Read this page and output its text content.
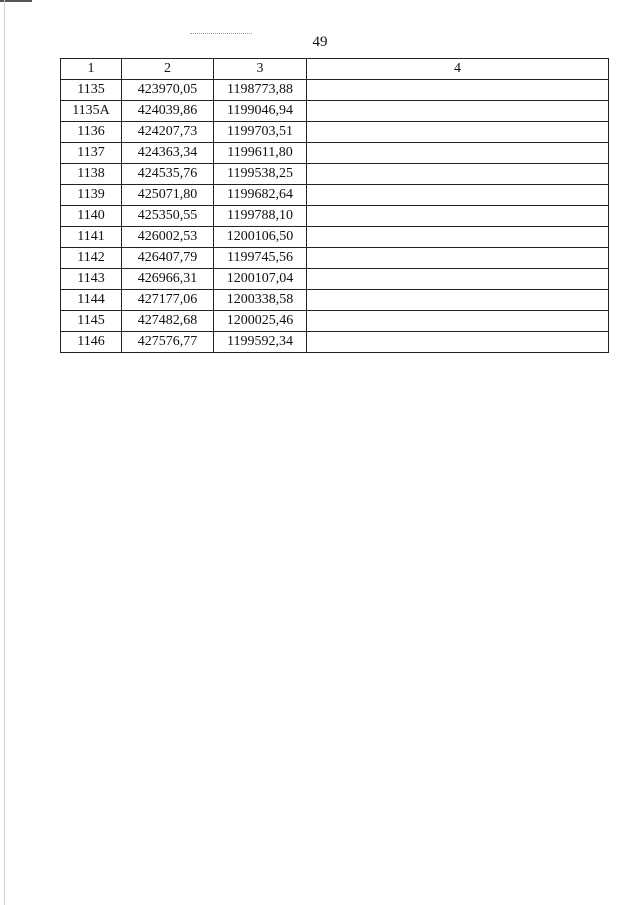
49
1	2	3	4
1135	423970,05	1198773,88	
1135А	424039,86	1199046,94	
1136	424207,73	1199703,51	
1137	424363,34	1199611,80	
1138	424535,76	1199538,25	
1139	425071,80	1199682,64	
1140	425350,55	1199788,10	
1141	426002,53	1200106,50	
1142	426407,79	1199745,56	
1143	426966,31	1200107,04	
1144	427177,06	1200338,58	
1145	427482,68	1200025,46	
1146	427576,77	1199592,34	
